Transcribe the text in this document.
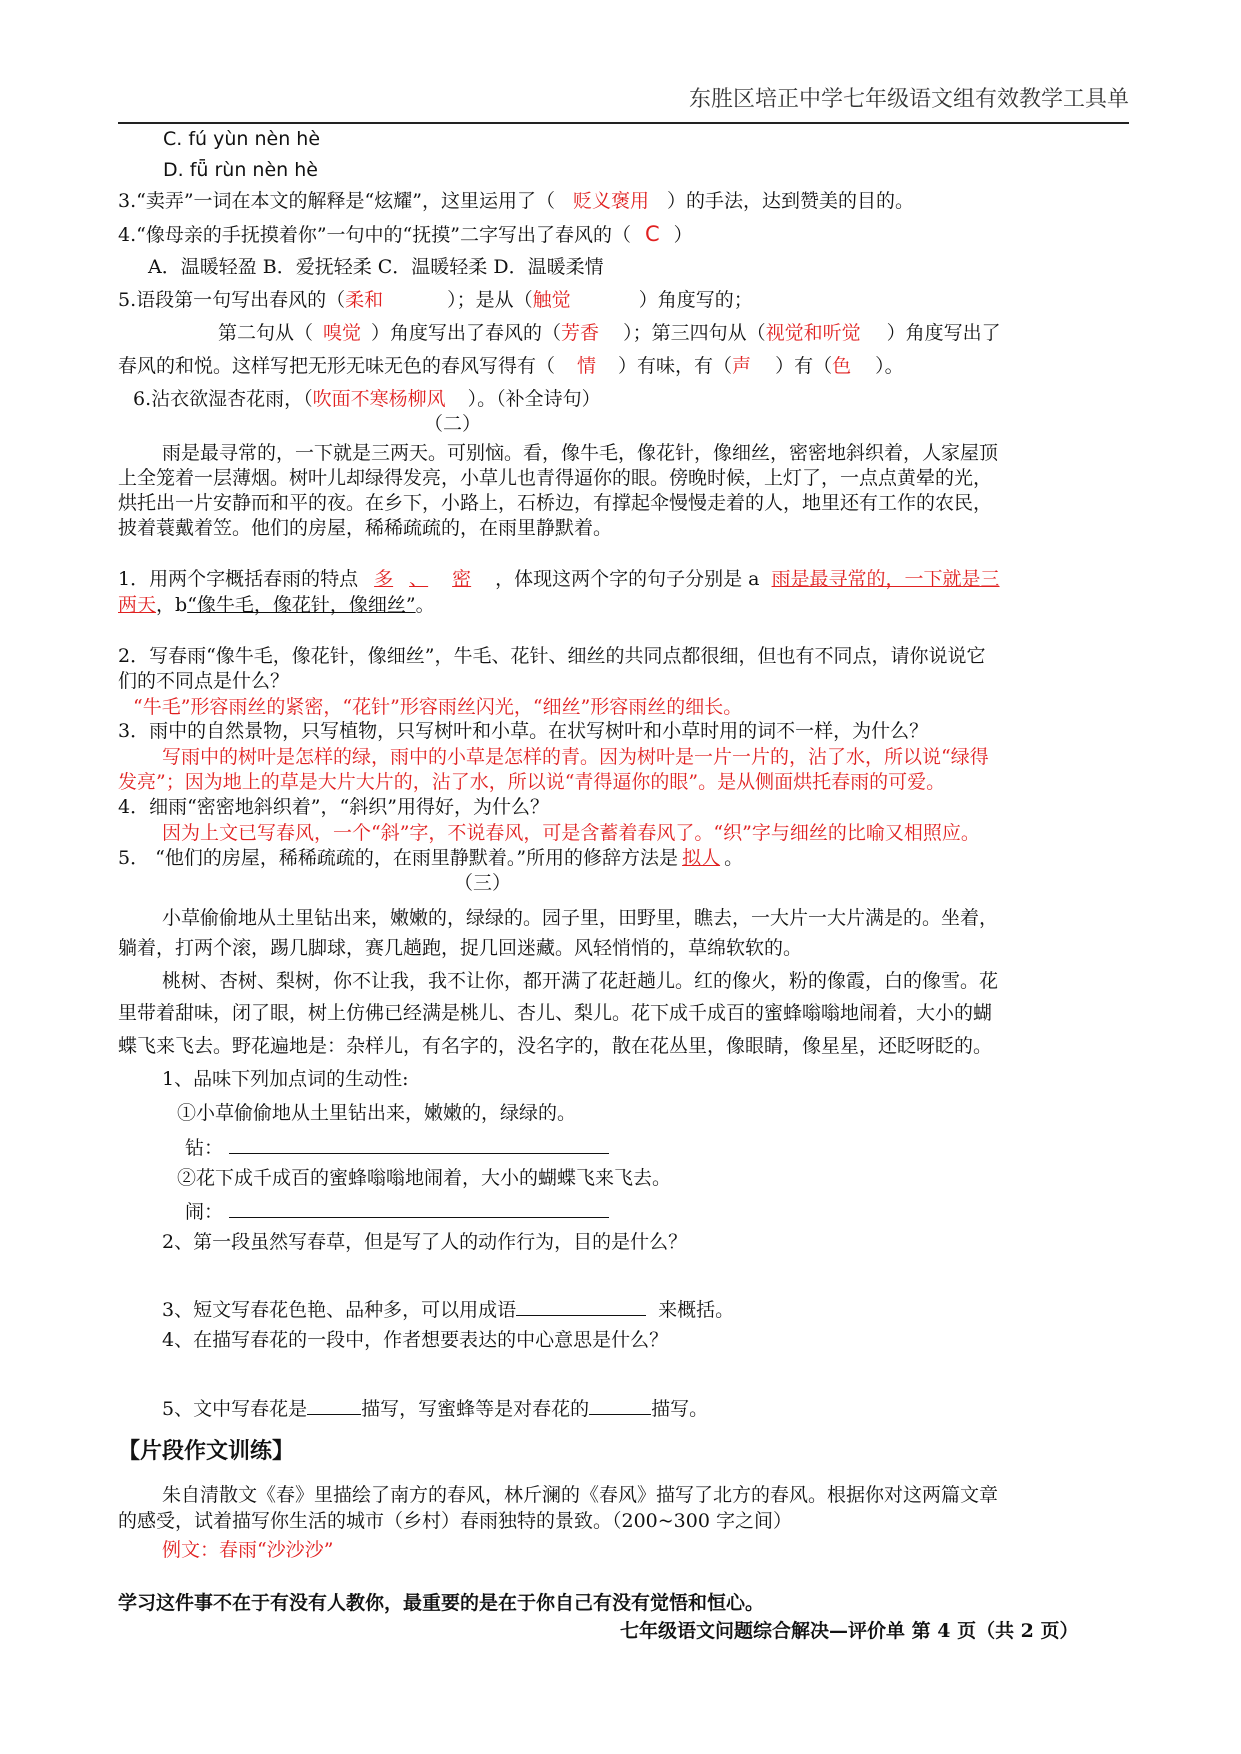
东胜区培正中学七年级语文组有效教学工具单
C. fú yùn nèn hè
D. fǖ rùn nèn hè
3.“卖弄”一词在本文的解释是“炫耀”，这里运用了（ 贬义褒用 ）的手法，达到赞美的目的。
4.“像母亲的手抚摸着你”一句中的“抚摸”二字写出了春风的（ C ）
A．温暖轻盈 B．爱抚轻柔 C．温暖轻柔 D．温暖柔情
5.语段第一句写出春风的（柔和	）；是从（触觉	）角度写的；
第二句从（ 嗅觉 ）角度写出了春风的（芳香 ）；第三四句从（视觉和听觉 ）角度写出了
春风的和悦。这样写把无形无味无色的春风写得有（ 情 ）有味，有（声 ）有（色 ）。
6.沾衣欲湿杏花雨，（吹面不寒杨柳风 ）。（补全诗句）
（二）
雨是最寻常的，一下就是三两天。可别恼。看，像牛毛，像花针，像细丝，密密地斜织着，人家屋顶
上全笼着一层薄烟。树叶儿却绿得发亮，小草儿也青得逼你的眼。傍晚时候，上灯了，一点点黄晕的光，
烘托出一片安静而和平的夜。在乡下，小路上，石桥边，有撑起伞慢慢走着的人，地里还有工作的农民，
披着蓑戴着笠。他们的房屋，稀稀疏疏的，在雨里静默着。
1．用两个字概括春雨的特点 多 、 密 ，体现这两个字的句子分别是 a 雨是最寻常的，一下就是三
两天，b“像牛毛，像花针，像细丝”。
2．写春雨“像牛毛，像花针，像细丝”，牛毛、花针、细丝的共同点都很细，但也有不同点，请你说说它
们的不同点是什么？
“牛毛”形容雨丝的紧密，“花针”形容雨丝闪光，“细丝”形容雨丝的细长。
3．雨中的自然景物，只写植物，只写树叶和小草。在状写树叶和小草时用的词不一样，为什么？
写雨中的树叶是怎样的绿，雨中的小草是怎样的青。因为树叶是一片一片的，沾了水，所以说“绿得
发亮”；因为地上的草是大片大片的，沾了水，所以说“青得逼你的眼”。是从侧面烘托春雨的可爱。
4．细雨“密密地斜织着”，“斜织”用得好，为什么？
因为上文已写春风，一个“斜”字，不说春风，可是含蓄着春风了。“织”字与细丝的比喻又相照应。
5． “他们的房屋，稀稀疏疏的，在雨里静默着。”所用的修辞方法是 拟人 。
（三）
小草偷偷地从土里钻出来，嫩嫩的，绿绿的。园子里，田野里，瞧去，一大片一大片满是的。坐着，
躺着，打两个滚，踢几脚球，赛几趟跑，捉几回迷藏。风轻悄悄的，草绵软软的。
桃树、杏树、梨树，你不让我，我不让你，都开满了花赶趟儿。红的像火，粉的像霞，白的像雪。花
里带着甜味，闭了眼，树上仿佛已经满是桃儿、杏儿、梨儿。花下成千成百的蜜蜂嗡嗡地闹着，大小的蝴
蝶飞来飞去。野花遍地是：杂样儿，有名字的，没名字的，散在花丛里，像眼睛，像星星，还眨呀眨的。
1、品味下列加点词的生动性:
①小草偷偷地从土里钻出来，嫩嫩的，绿绿的。
钻：
②花下成千成百的蜜蜂嗡嗡地闹着，大小的蝴蝶飞来飞去。
闹：
2、第一段虽然写春草，但是写了人的动作行为，目的是什么？
3、短文写春花色艳、品种多，可以用成语	来概括。
4、在描写春花的一段中，作者想要表达的中心意思是什么？
5、文中写春花是	描写，写蜜蜂等是对春花的	描写。
【片段作文训练】
朱自清散文《春》里描绘了南方的春风，林斤澜的《春风》描写了北方的春风。根据你对这两篇文章
的感受，试着描写你生活的城市（乡村）春雨独特的景致。（200~300 字之间）
例文：春雨“沙沙沙”
学习这件事不在于有没有人教你，最重要的是在于你自己有没有觉悟和恒心。
七年级语文问题综合解决—评价单 第 4 页（共 2 页）
